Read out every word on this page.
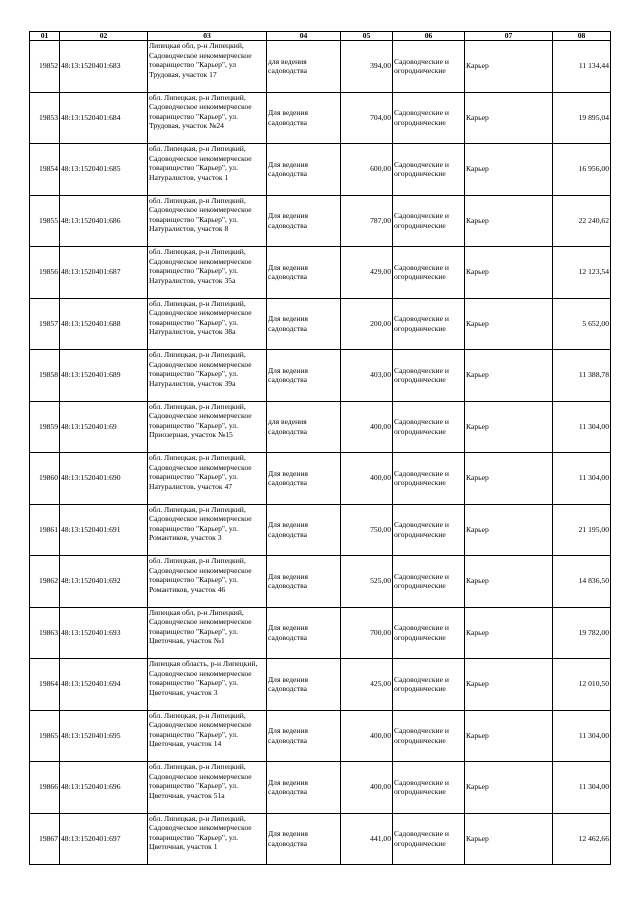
01	02	03	04	05	06	07	08
19852	48:13:1520401:683	Липецкая обл, р-н Липецкий, Садоводческое некоммерческое товарищество "Карьер", ул Трудовая, участок 17	для ведения садоводства	394,00	Садоводческие и огороднические	Карьер	11 134,44
19853	48:13:1520401:684	обл. Липецкая, р-н Липецкий, Садоводческое некоммерческое товарищество "Карьер", ул. Трудовая, участок №24	Для ведения садоводства	704,00	Садоводческие и огороднические	Карьер	19 895,04
19854	48:13:1520401:685	обл. Липецкая, р-н Липецкий, Садоводческое некоммерческое товарищество "Карьер", ул. Натуралистов, участок 1	Для ведения садоводства	600,00	Садоводческие и огороднические	Карьер	16 956,00
19855	48:13:1520401:686	обл. Липецкая, р-н Липецкий, Садоводческое некоммерческое товарищество "Карьер", ул. Натуралистов, участок 8	Для ведения садоводства	787,00	Садоводческие и огороднические	Карьер	22 240,62
19856	48:13:1520401:687	обл. Липецкая, р-н Липецкий, Садоводческое некоммерческое товарищество "Карьер", ул. Натуралистов, участок 35а	Для ведения садоводства	429,00	Садоводческие и огороднические	Карьер	12 123,54
19857	48:13:1520401:688	обл. Липецкая, р-н Липецкий, Садоводческое некоммерческое товарищество "Карьер", ул. Натуралистов, участок 38а	Для ведения садоводства	200,00	Садоводческие и огороднические	Карьер	5 652,00
19858	48:13:1520401:689	обл. Липецкая, р-н Липецкий, Садоводческое некоммерческое товарищество "Карьер", ул. Натуралистов, участок 39а	Для ведения садоводства	403,00	Садоводческие и огороднические	Карьер	11 388,78
19859	48:13:1520401:69	обл. Липецкая, р-н Липецкий, Садоводческое некоммерческое товарищество "Карьер", ул. Приозерная, участок №15	для ведения садоводства	400,00	Садоводческие и огороднические	Карьер	11 304,00
19860	48:13:1520401:690	обл. Липецкая, р-н Липецкий, Садоводческое некоммерческое товарищество "Карьер", ул. Натуралистов, участок 47	Для ведения садоводства	400,00	Садоводческие и огороднические	Карьер	11 304,00
19861	48:13:1520401:691	обл. Липецкая, р-н Липецкий, Садоводческое некоммерческое товарищество "Карьер", ул. Романтиков, участок 3	Для ведения садоводства	750,00	Садоводческие и огороднические	Карьер	21 195,00
19862	48:13:1520401:692	обл. Липецкая, р-н Липецкий, Садоводческое некоммерческое товарищество "Карьер", ул. Романтиков, участок 46	Для ведения садоводства	525,00	Садоводческие и огороднические	Карьер	14 836,50
19863	48:13:1520401:693	Липецкая обл, р-н Липецкий, Садоводческое некоммерческое товарищество "Карьер", ул. Цветочная, участок №1	Для ведения садоводства	700,00	Садоводческие и огороднические	Карьер	19 782,00
19864	48:13:1520401:694	Липецкая область, р-н Липецкий, Садоводческое некоммерческое товарищество "Карьер", ул. Цветочная, участок 3	Для ведения садоводства	425,00	Садоводческие и огороднические	Карьер	12 010,50
19865	48:13:1520401:695	обл. Липецкая, р-н Липецкий, Садоводческое некоммерческое товарищество "Карьер", ул. Цветочная, участок 14	Для ведения садоводства	400,00	Садоводческие и огороднические	Карьер	11 304,00
19866	48:13:1520401:696	обл. Липецкая, р-н Липецкий, Садоводческое некоммерческое товарищество "Карьер", ул. Цветочная, участок 51а	Для ведения садоводства	400,00	Садоводческие и огороднические	Карьер	11 304,00
19867	48:13:1520401:697	обл. Липецкая, р-н Липецкий, Садоводческое некоммерческое товарищество "Карьер", ул. Цветочная, участок 1	Для ведения садоводства	441,00	Садоводческие и огороднические	Карьер	12 462,66
